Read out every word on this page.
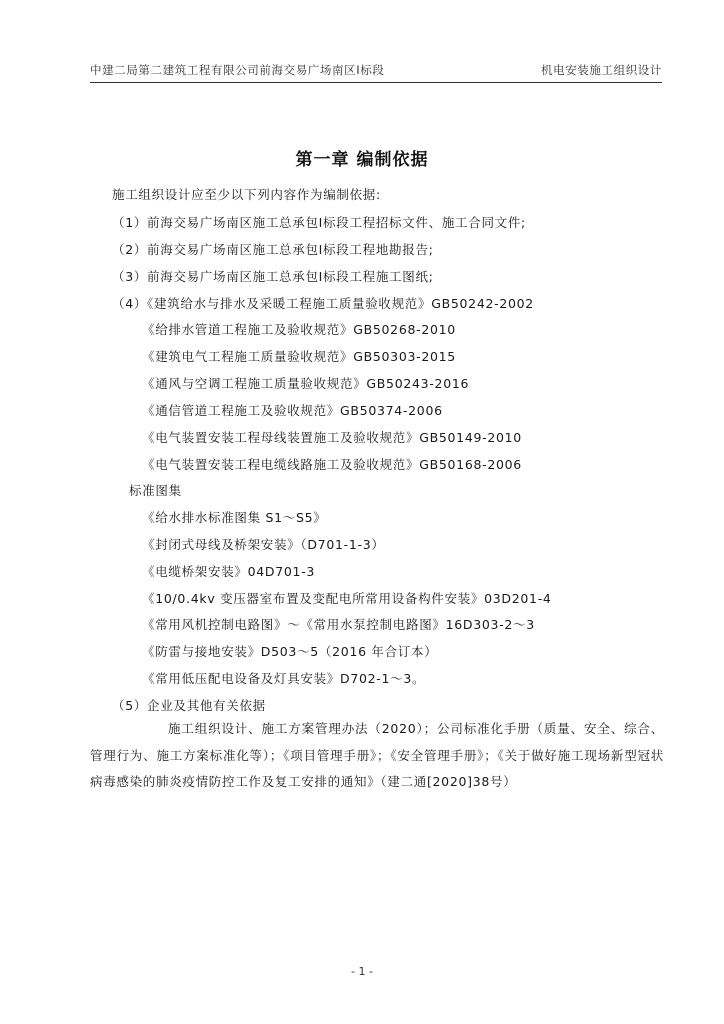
中建二局第二建筑工程有限公司前海交易广场南区Ⅰ标段	机电安装施工组织设计
第一章 编制依据
施工组织设计应至少以下列内容作为编制依据:
（1）前海交易广场南区施工总承包Ⅰ标段工程招标文件、施工合同文件;
（2）前海交易广场南区施工总承包Ⅰ标段工程地勘报告;
（3）前海交易广场南区施工总承包Ⅰ标段工程施工图纸;
（4）《建筑给水与排水及采暖工程施工质量验收规范》GB50242-2002
《给排水管道工程施工及验收规范》GB50268-2010
《建筑电气工程施工质量验收规范》GB50303-2015
《通风与空调工程施工质量验收规范》GB50243-2016
《通信管道工程施工及验收规范》GB50374-2006
《电气装置安装工程母线装置施工及验收规范》GB50149-2010
《电气装置安装工程电缆线路施工及验收规范》GB50168-2006
标准图集
《给水排水标准图集 S1～S5》
《封闭式母线及桥架安装》（D701-1-3）
《电缆桥架安装》04D701-3
《10/0.4kv 变压器室布置及变配电所常用设备构件安装》03D201-4
《常用风机控制电路图》～《常用水泵控制电路图》16D303-2～3
《防雷与接地安装》D503～5（2016 年合订本）
《常用低压配电设备及灯具安装》D702-1～3。
（5）企业及其他有关依据

施工组织设计、施工方案管理办法（2020）；公司标准化手册（质量、安全、综合、管理行为、施工方案标准化等）；《项目管理手册》；《安全管理手册》；《关于做好施工现场新型冠状病毒感染的肺炎疫情防控工作及复工安排的通知》（建二通[2020]38号）

- 1 -
